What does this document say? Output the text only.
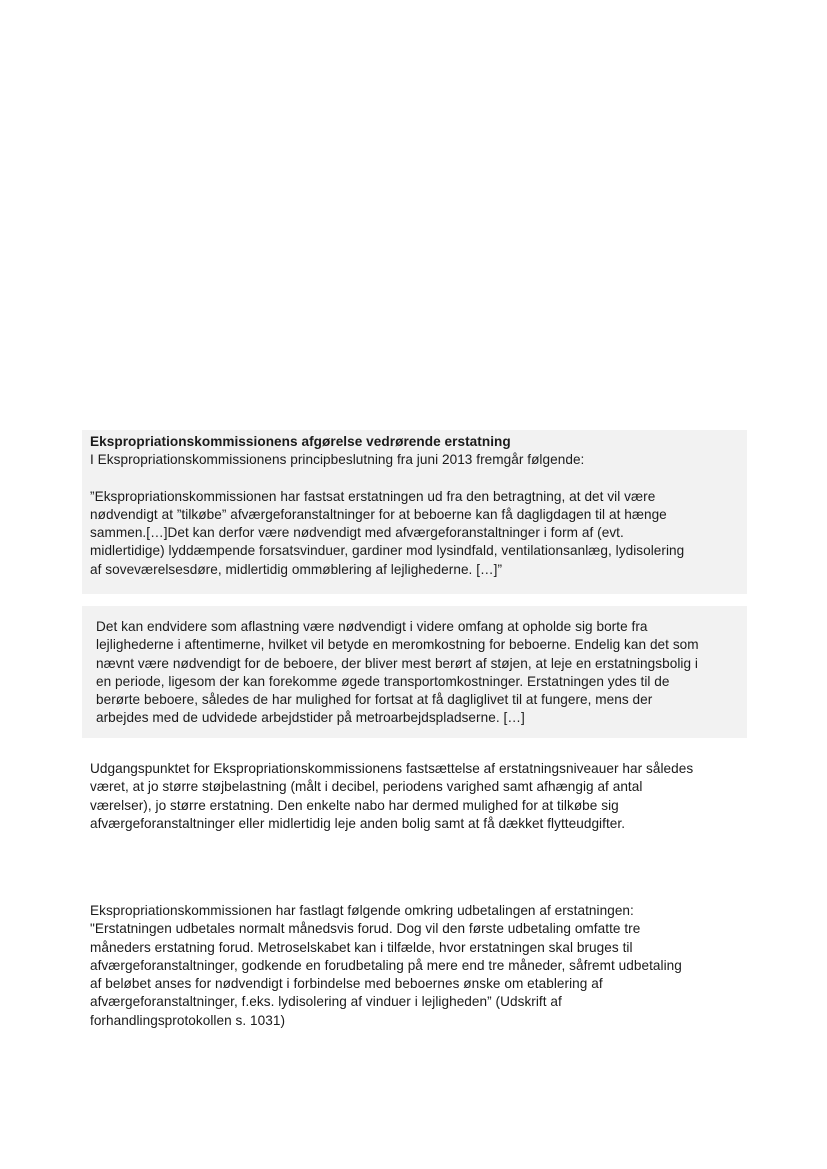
Ekspropriationskommissionens afgørelse vedrørende erstatning
I Ekspropriationskommissionens principbeslutning fra juni 2013 fremgår følgende:
”Ekspropriationskommissionen har fastsat erstatningen ud fra den betragtning, at det vil være
nødvendigt at ”tilkøbe” afværgeforanstaltninger for at beboerne kan få dagligdagen til at hænge
sammen.[…]Det kan derfor være nødvendigt med afværgeforanstaltninger i form af (evt.
midlertidige) lyddæmpende forsatsvinduer, gardiner mod lysindfald, ventilationsanlæg, lydisolering
af soveværelsesdøre, midlertidig ommøblering af lejlighederne. […]”
Det kan endvidere som aflastning være nødvendigt i videre omfang at opholde sig borte fra
lejlighederne i aftentimerne, hvilket vil betyde en meromkostning for beboerne. Endelig kan det som
nævnt være nødvendigt for de beboere, der bliver mest berørt af støjen, at leje en erstatningsbolig i
en periode, ligesom der kan forekomme øgede transportomkostninger. Erstatningen ydes til de
berørte beboere, således de har mulighed for fortsat at få dagliglivet til at fungere, mens der
arbejdes med de udvidede arbejdstider på metroarbejdspladserne. […]
Udgangspunktet for Ekspropriationskommissionens fastsættelse af erstatningsniveauer har således
været, at jo større støjbelastning (målt i decibel, periodens varighed samt afhængig af antal
værelser), jo større erstatning. Den enkelte nabo har dermed mulighed for at tilkøbe sig
afværgeforanstaltninger eller midlertidig leje anden bolig samt at få dækket flytteudgifter.
Ekspropriationskommissionen har fastlagt følgende omkring udbetalingen af erstatningen:
"Erstatningen udbetales normalt månedsvis forud. Dog vil den første udbetaling omfatte tre
måneders erstatning forud. Metroselskabet kan i tilfælde, hvor erstatningen skal bruges til
afværgeforanstaltninger, godkende en forudbetaling på mere end tre måneder, såfremt udbetaling
af beløbet anses for nødvendigt i forbindelse med beboernes ønske om etablering af
afværgeforanstaltninger, f.eks. lydisolering af vinduer i lejligheden” (Udskrift af
forhandlingsprotokollen s. 1031)
